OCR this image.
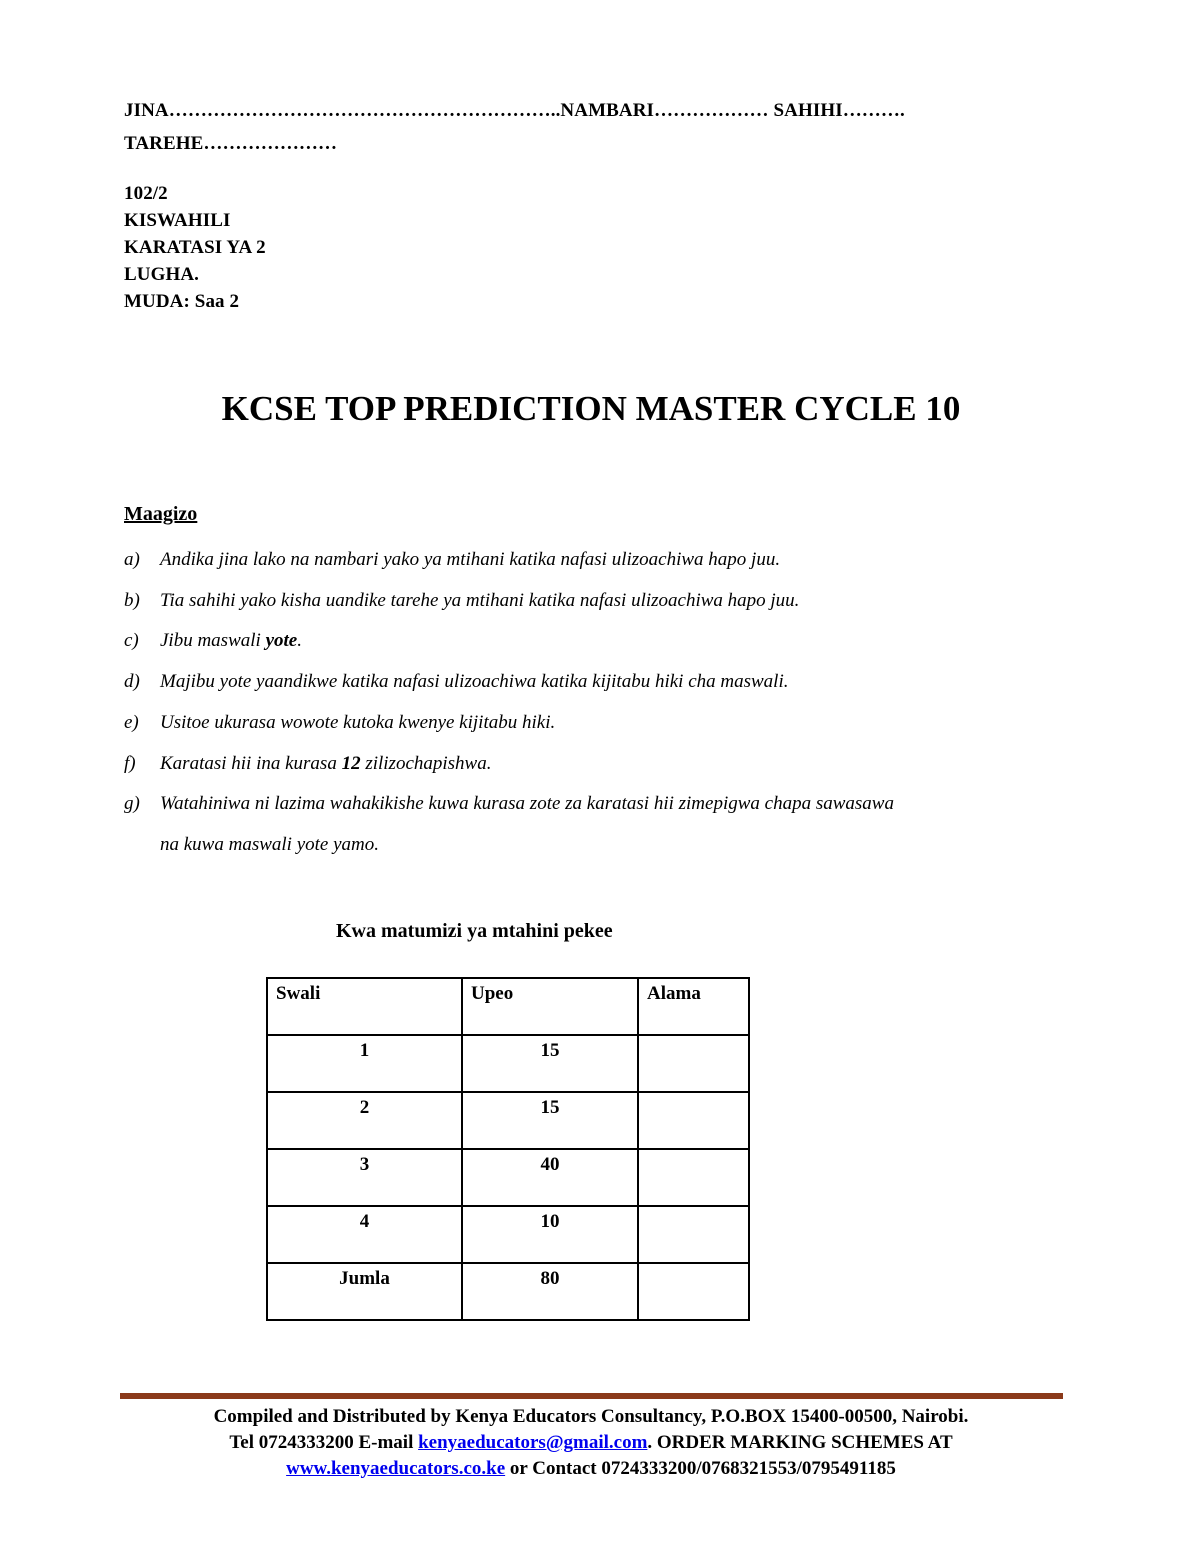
JINA……………………………………………………..NAMBARI……………… SAHIHI……….
TAREHE…………………
102/2
KISWAHILI
KARATASI YA 2
LUGHA.
MUDA: Saa 2
KCSE TOP PREDICTION MASTER CYCLE 10
Maagizo
a) Andika jina lako na nambari yako ya mtihani katika nafasi ulizoachiwa hapo juu.
b) Tia sahihi yako kisha uandike tarehe ya mtihani katika nafasi ulizoachiwa hapo juu.
c) Jibu maswali yote.
d) Majibu yote yaandikwe katika nafasi ulizoachiwa katika kijitabu hiki cha maswali.
e) Usitoe ukurasa wowote kutoka kwenye kijitabu hiki.
f) Karatasi hii ina kurasa 12 zilizochapishwa.
g) Watahiniwa ni lazima wahakikishe kuwa kurasa zote za karatasi hii zimepigwa chapa sawasawa
na kuwa maswali yote yamo.
Kwa matumizi ya mtahini pekee
Swali	Upeo	Alama
1	15	
2	15	
3	40	
4	10	
Jumla	80	
Compiled and Distributed by Kenya Educators Consultancy, P.O.BOX 15400-00500, Nairobi.
Tel 0724333200 E-mail kenyaeducators@gmail.com. ORDER MARKING SCHEMES AT
www.kenyaeducators.co.ke or Contact 0724333200/0768321553/0795491185
